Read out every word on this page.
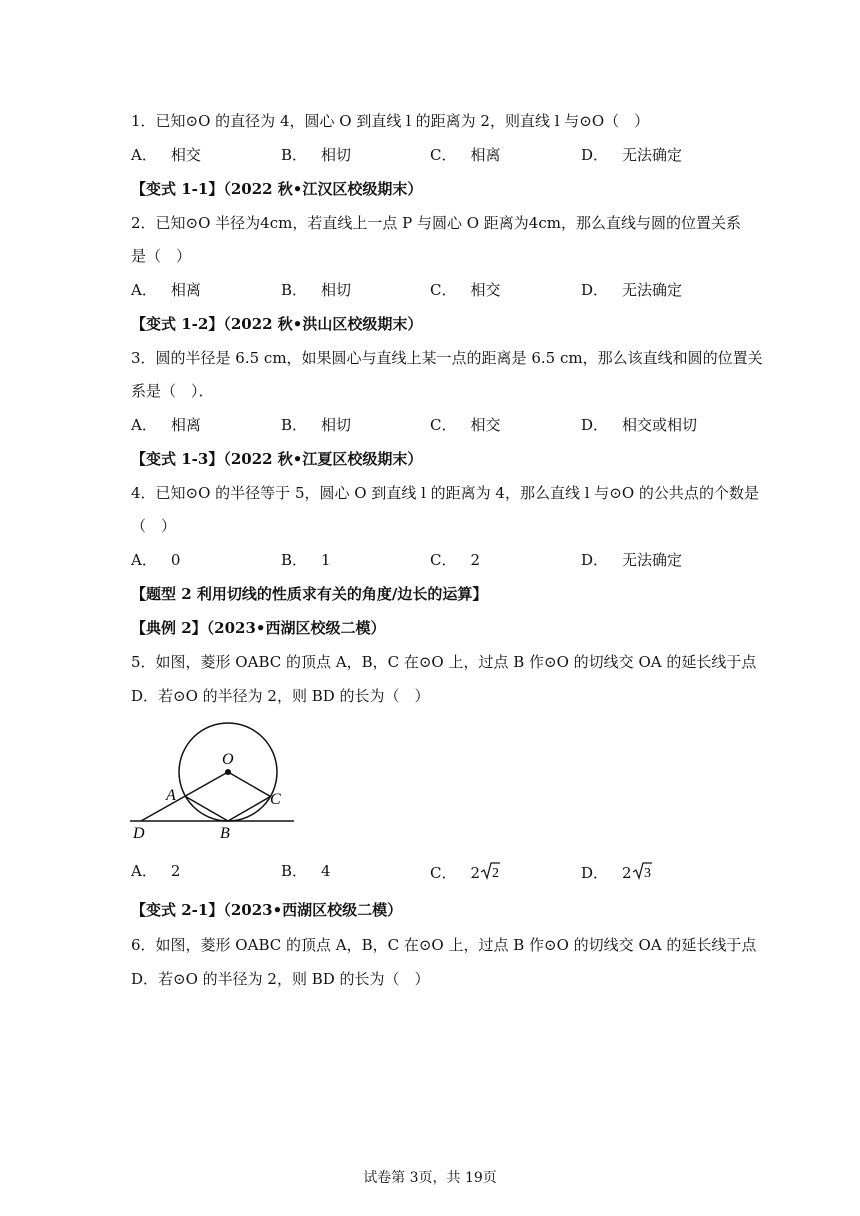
1．已知⊙O 的直径为 4，圆心 O 到直线 l 的距离为 2，则直线 l 与⊙O（　）
A． 相交	B． 相切	C． 相离	D． 无法确定
【变式 1-1】（2022 秋•江汉区校级期末）
2．已知⊙O 半径为4cm，若直线上一点 P 与圆心 O 距离为4cm，那么直线与圆的位置关系
是（　）
A． 相离	B． 相切	C． 相交	D． 无法确定
【变式 1-2】（2022 秋•洪山区校级期末）
3．圆的半径是 6.5 cm，如果圆心与直线上某一点的距离是 6.5 cm，那么该直线和圆的位置关
系是（　）．
A． 相离	B． 相切	C． 相交	D． 相交或相切
【变式 1-3】（2022 秋•江夏区校级期末）
4．已知⊙O 的半径等于 5，圆心 O 到直线 l 的距离为 4，那么直线 l 与⊙O 的公共点的个数是
（　）
A． 0	B． 1	C． 2	D． 无法确定
【题型 2 利用切线的性质求有关的角度/边长的运算】
【典例 2】（2023•西湖区校级二模）
5．如图，菱形 OABC 的顶点 A，B，C 在⊙O 上，过点 B 作⊙O 的切线交 OA 的延长线于点
D．若⊙O 的半径为 2，则 BD 的长为（　）
O
A	C
D	B
A． 2	B． 4	C． 2 2	D． 2 3
【变式 2-1】（2023•西湖区校级二模）
6．如图，菱形 OABC 的顶点 A，B，C 在⊙O 上，过点 B 作⊙O 的切线交 OA 的延长线于点
D．若⊙O 的半径为 2，则 BD 的长为（　）
试卷第 3页，共 19页
